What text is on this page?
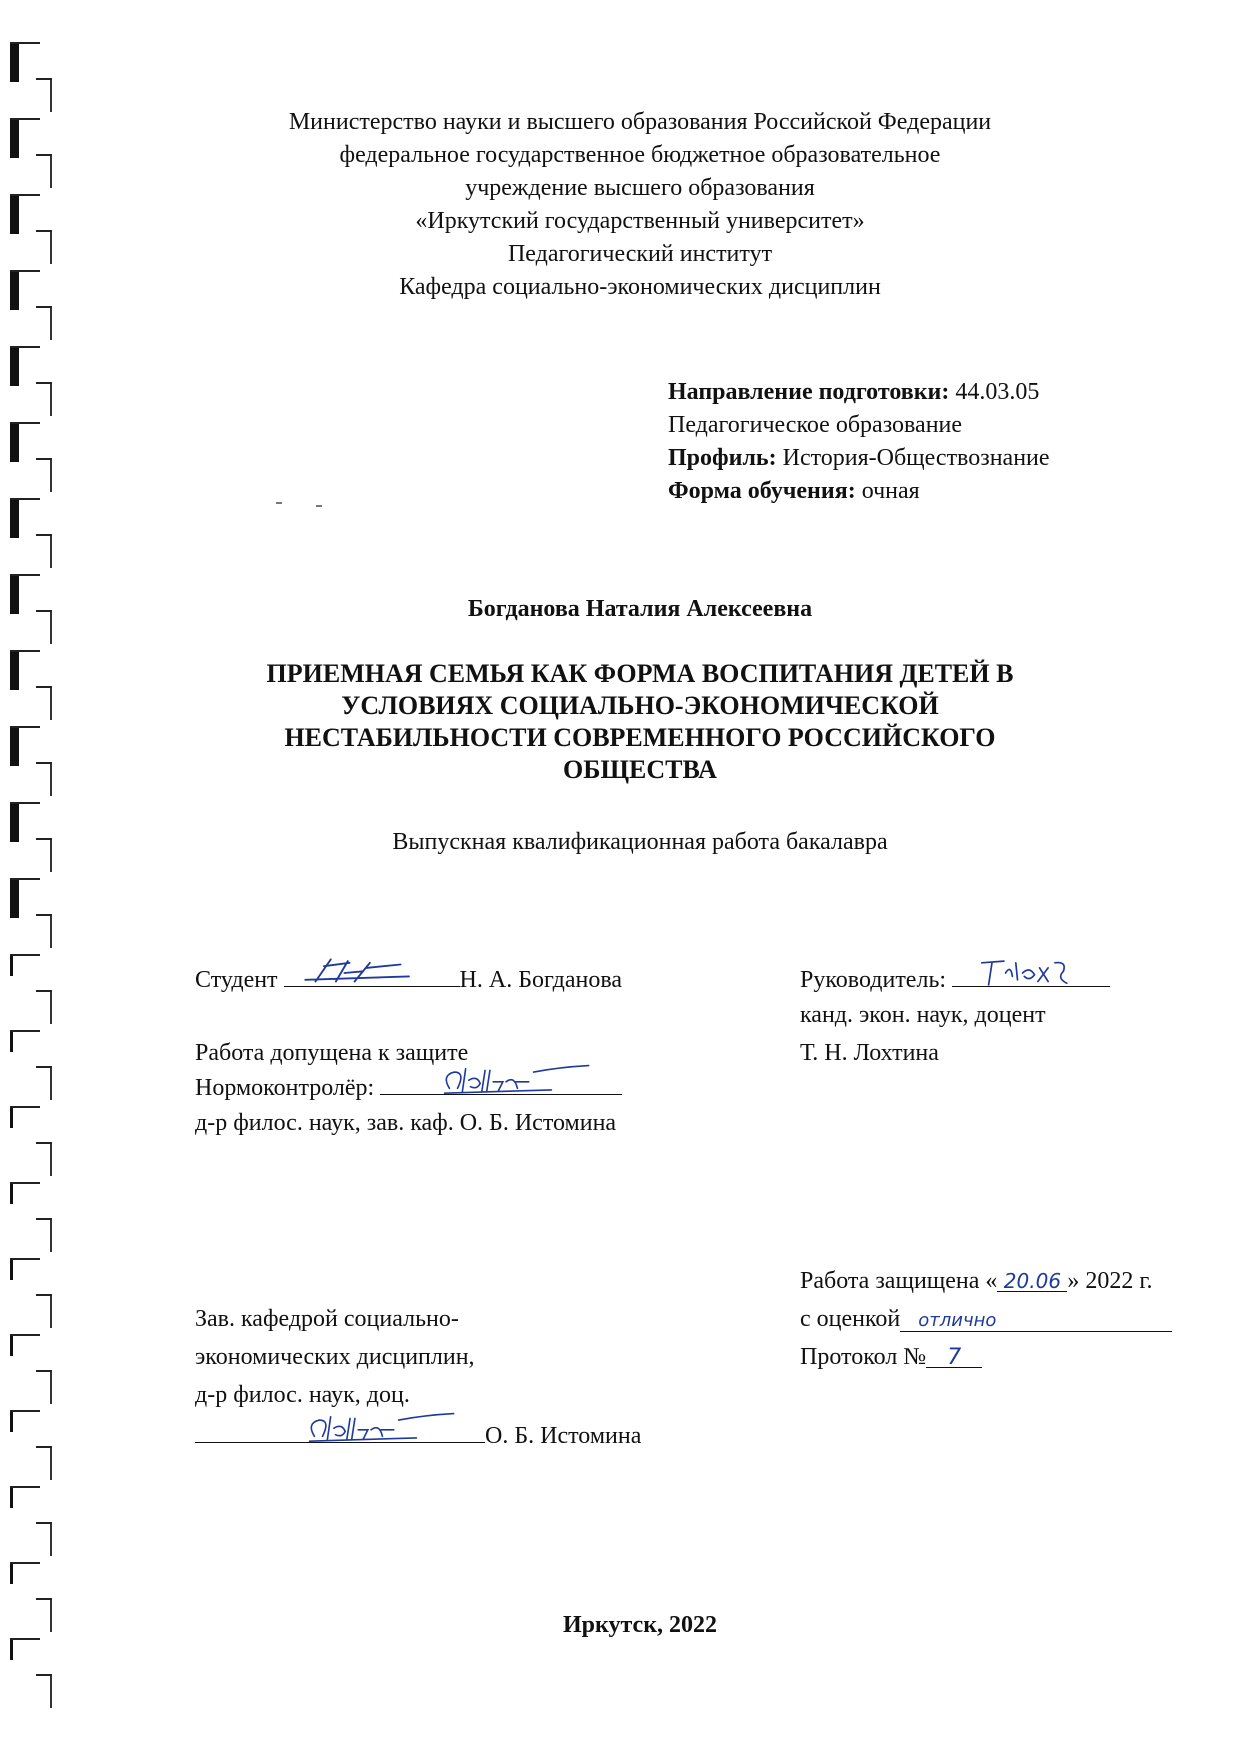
Министерство науки и высшего образования Российской Федерации
федеральное государственное бюджетное образовательное
учреждение высшего образования
«Иркутский государственный университет»
Педагогический институт
Кафедра социально-экономических дисциплин
Направление подготовки: 44.03.05
Педагогическое образование
Профиль: История-Обществознание
Форма обучения: очная
Богданова Наталия Алексеевна
ПРИЕМНАЯ СЕМЬЯ КАК ФОРМА ВОСПИТАНИЯ ДЕТЕЙ В
УСЛОВИЯХ СОЦИАЛЬНО-ЭКОНОМИЧЕСКОЙ
НЕСТАБИЛЬНОСТИ СОВРЕМЕННОГО РОССИЙСКОГО
ОБЩЕСТВА
Выпускная квалификационная работа бакалавра
Студент	Н. А. Богданова	Руководитель:
канд. экон. наук, доцент
Т. Н. Лохтина
Работа допущена к защите
Нормоконтролёр:
д-р филос. наук, зав. каф. О. Б. Истомина
Работа защищена « 20.06 » 2022 г.
с оценкой отлично
Протокол № 7
Зав. кафедрой социально-
экономических дисциплин,
д-р филос. наук, доц.
О. Б. Истомина
Иркутск, 2022
